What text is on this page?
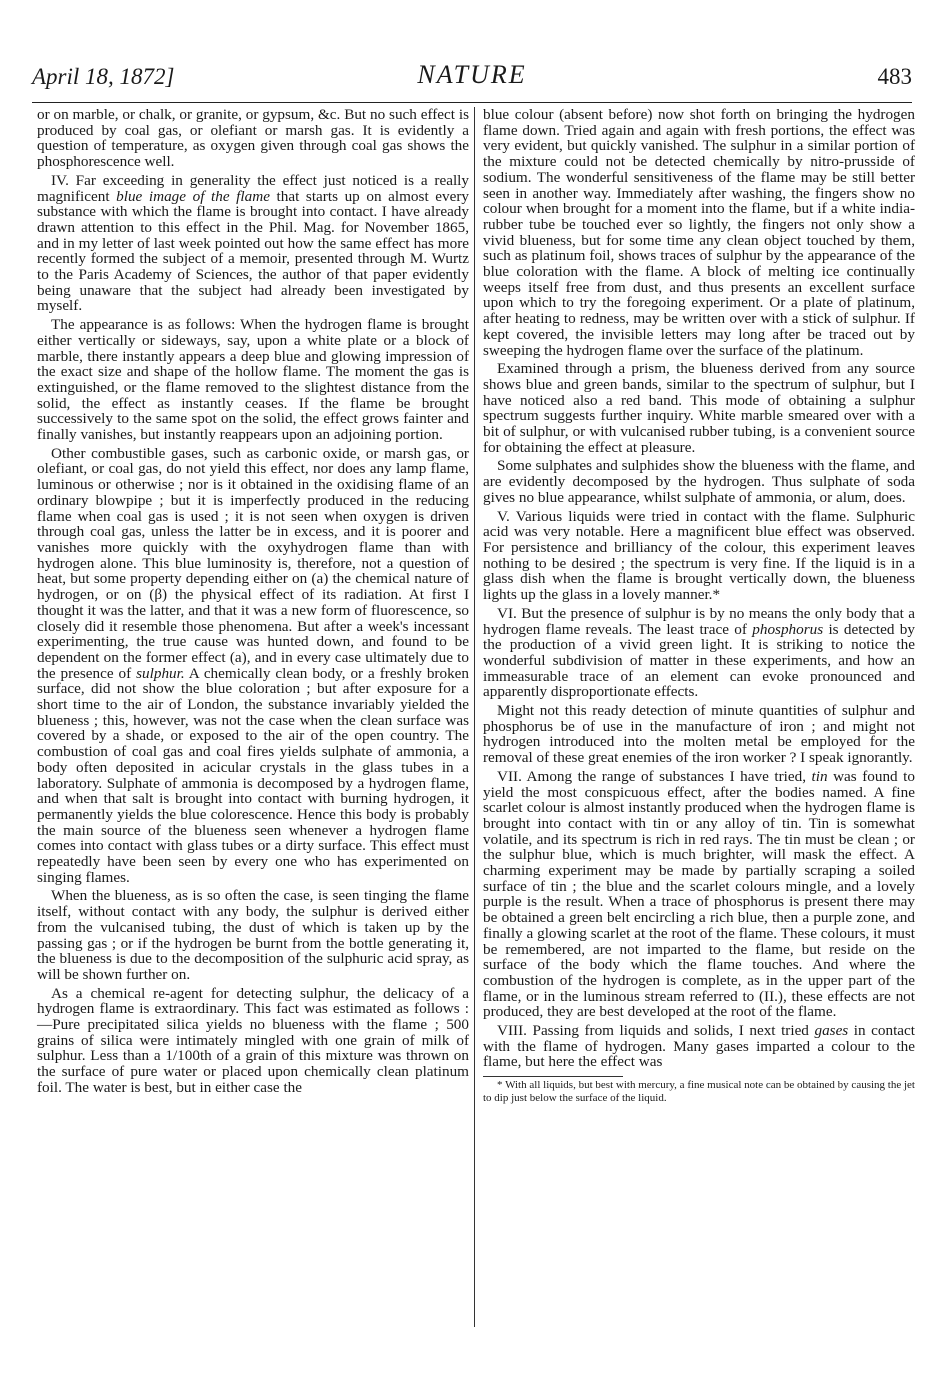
April 18, 1872]	NATURE	483

or on marble, or chalk, or granite, or gypsum, &c. But no such effect is produced by coal gas, or olefiant or marsh gas. It is evidently a question of temperature, as oxygen given through coal gas shows the phosphorescence well.

IV. Far exceeding in generality the effect just noticed is a really magnificent blue image of the flame that starts up on almost every substance with which the flame is brought into contact. I have already drawn attention to this effect in the Phil. Mag. for November 1865, and in my letter of last week pointed out how the same effect has more recently formed the subject of a memoir, presented through M. Wurtz to the Paris Academy of Sciences, the author of that paper evidently being unaware that the subject had already been investigated by myself.

The appearance is as follows: When the hydrogen flame is brought either vertically or sideways, say, upon a white plate or a block of marble, there instantly appears a deep blue and glowing impression of the exact size and shape of the hollow flame. The moment the gas is extinguished, or the flame removed to the slightest distance from the solid, the effect as instantly ceases. If the flame be brought successively to the same spot on the solid, the effect grows fainter and finally vanishes, but instantly reappears upon an adjoining portion.

Other combustible gases, such as carbonic oxide, or marsh gas, or olefiant, or coal gas, do not yield this effect, nor does any lamp flame, luminous or otherwise ; nor is it obtained in the oxidising flame of an ordinary blowpipe ; but it is imperfectly produced in the reducing flame when coal gas is used ; it is not seen when oxygen is driven through coal gas, unless the latter be in excess, and it is poorer and vanishes more quickly with the oxyhydrogen flame than with hydrogen alone. This blue luminosity is, therefore, not a question of heat, but some property depending either on (a) the chemical nature of hydrogen, or on (β) the physical effect of its radiation. At first I thought it was the latter, and that it was a new form of fluorescence, so closely did it resemble those phenomena. But after a week's incessant experimenting, the true cause was hunted down, and found to be dependent on the former effect (a), and in every case ultimately due to the presence of sulphur. A chemically clean body, or a freshly broken surface, did not show the blue coloration ; but after exposure for a short time to the air of London, the substance invariably yielded the blueness ; this, however, was not the case when the clean surface was covered by a shade, or exposed to the air of the open country. The combustion of coal gas and coal fires yields sulphate of ammonia, a body often deposited in acicular crystals in the glass tubes in a laboratory. Sulphate of ammonia is decomposed by a hydrogen flame, and when that salt is brought into contact with burning hydrogen, it permanently yields the blue colorescence. Hence this body is probably the main source of the blueness seen whenever a hydrogen flame comes into contact with glass tubes or a dirty surface. This effect must repeatedly have been seen by every one who has experimented on singing flames.

When the blueness, as is so often the case, is seen tinging the flame itself, without contact with any body, the sulphur is derived either from the vulcanised tubing, the dust of which is taken up by the passing gas ; or if the hydrogen be burnt from the bottle generating it, the blueness is due to the decomposition of the sulphuric acid spray, as will be shown further on.

As a chemical re-agent for detecting sulphur, the delicacy of a hydrogen flame is extraordinary. This fact was estimated as follows :—Pure precipitated silica yields no blueness with the flame ; 500 grains of silica were intimately mingled with one grain of milk of sulphur. Less than a 1/100th of a grain of this mixture was thrown on the surface of pure water or placed upon chemically clean platinum foil. The water is best, but in either case the

blue colour (absent before) now shot forth on bringing the hydrogen flame down. Tried again and again with fresh portions, the effect was very evident, but quickly vanished. The sulphur in a similar portion of the mixture could not be detected chemically by nitro-prusside of sodium. The wonderful sensitiveness of the flame may be still better seen in another way. Immediately after washing, the fingers show no colour when brought for a moment into the flame, but if a white india-rubber tube be touched ever so lightly, the fingers not only show a vivid blueness, but for some time any clean object touched by them, such as platinum foil, shows traces of sulphur by the appearance of the blue coloration with the flame. A block of melting ice continually weeps itself free from dust, and thus presents an excellent surface upon which to try the foregoing experiment. Or a plate of platinum, after heating to redness, may be written over with a stick of sulphur. If kept covered, the invisible letters may long after be traced out by sweeping the hydrogen flame over the surface of the platinum.

Examined through a prism, the blueness derived from any source shows blue and green bands, similar to the spectrum of sulphur, but I have noticed also a red band. This mode of obtaining a sulphur spectrum suggests further inquiry. White marble smeared over with a bit of sulphur, or with vulcanised rubber tubing, is a convenient source for obtaining the effect at pleasure.

Some sulphates and sulphides show the blueness with the flame, and are evidently decomposed by the hydrogen. Thus sulphate of soda gives no blue appearance, whilst sulphate of ammonia, or alum, does.

V. Various liquids were tried in contact with the flame. Sulphuric acid was very notable. Here a magnificent blue effect was observed. For persistence and brilliancy of the colour, this experiment leaves nothing to be desired ; the spectrum is very fine. If the liquid is in a glass dish when the flame is brought vertically down, the blueness lights up the glass in a lovely manner.*

VI. But the presence of sulphur is by no means the only body that a hydrogen flame reveals. The least trace of phosphorus is detected by the production of a vivid green light. It is striking to notice the wonderful subdivision of matter in these experiments, and how an immeasurable trace of an element can evoke pronounced and apparently disproportionate effects.

Might not this ready detection of minute quantities of sulphur and phosphorus be of use in the manufacture of iron ; and might not hydrogen introduced into the molten metal be employed for the removal of these great enemies of the iron worker ? I speak ignorantly.

VII. Among the range of substances I have tried, tin was found to yield the most conspicuous effect, after the bodies named. A fine scarlet colour is almost instantly produced when the hydrogen flame is brought into contact with tin or any alloy of tin. Tin is somewhat volatile, and its spectrum is rich in red rays. The tin must be clean ; or the sulphur blue, which is much brighter, will mask the effect. A charming experiment may be made by partially scraping a soiled surface of tin ; the blue and the scarlet colours mingle, and a lovely purple is the result. When a trace of phosphorus is present there may be obtained a green belt encircling a rich blue, then a purple zone, and finally a glowing scarlet at the root of the flame. These colours, it must be remembered, are not imparted to the flame, but reside on the surface of the body which the flame touches. And where the combustion of the hydrogen is complete, as in the upper part of the flame, or in the luminous stream referred to (II.), these effects are not produced, they are best developed at the root of the flame.

VIII. Passing from liquids and solids, I next tried gases in contact with the flame of hydrogen. Many gases imparted a colour to the flame, but here the effect was

* With all liquids, but best with mercury, a fine musical note can be obtained by causing the jet to dip just below the surface of the liquid.
